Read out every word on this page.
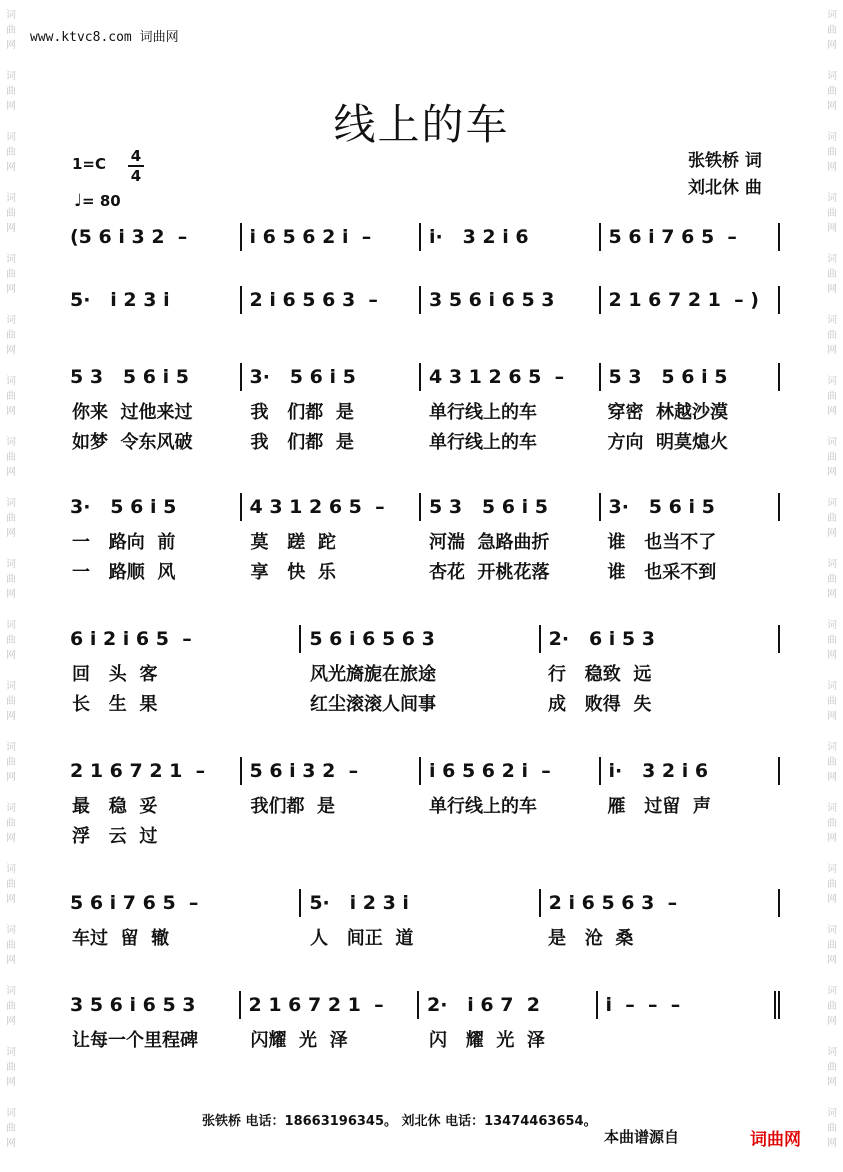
词
曲
网
词
曲
网
词
曲
网
词
曲
网
词
曲
网
词
曲
网
词
曲
网
词
曲
网
词
曲
网
词
曲
网
词
曲
网
词
曲
网
词
曲
网
词
曲
网
词
曲
网
词
曲
网
词
曲
网
词
曲
网
词
曲
网
词
曲
网
词
曲
网
词
曲
网
词
曲
网
词
曲
网
词
曲
网
词
曲
网
词
曲
网
词
曲
网
词
曲
网
词
曲
网
词
曲
网
词
曲
网
词
曲
网
词
曲
网
词
曲
网
词
曲
网
词
曲
网
词
曲
网
www.ktvc8.com 词曲网
线上的车
1=C 4
4
♩= 80
张铁桥 词
刘北休 曲
(5 6 i 3 2  –	i 6 5 6 2 i  –	i·   3 2 i 6	5 6 i 7 6 5  –
5·   i 2 3 i	2 i 6 5 6 3  –	3 5 6 i 6 5 3	2 1 6 7 2 1  – )
5 3   5 6 i 5	3·   5 6 i 5	4 3 1 2 6 5  –	5 3   5 6 i 5
你来  过他来过	我   们都  是	单行线上的车	穿密  林越沙漠
如梦  令东风破	我   们都  是	单行线上的车	方向  明莫熄火
3·   5 6 i 5	4 3 1 2 6 5  –	5 3   5 6 i 5	3·   5 6 i 5
一   路向  前	莫   蹉  跎	河湍  急路曲折	谁   也当不了
一   路顺  风	享   快  乐	杏花  开桃花落	谁   也采不到
6 i 2 i 6 5  –	5 6 i 6 5 6 3	2·   6 i 5 3
回   头  客	风光旖旎在旅途	行   稳致  远
长   生  果	红尘滚滚人间事	成   败得  失
2 1 6 7 2 1  –	5 6 i 3 2  –	i 6 5 6 2 i  –	i·   3 2 i 6
最   稳  妥	我们都  是	单行线上的车	雁   过留  声
浮   云  过
5 6 i 7 6 5  –	5·   i 2 3 i	2 i 6 5 6 3  –
车过  留  辙	人   间正  道	是   沧  桑
3 5 6 i 6 5 3	2 1 6 7 2 1  –	2·   i 6 7  2	i  –  –  –
让每一个里程碑	闪耀  光  泽	闪   耀  光  泽
张铁桥 电话：18663196345。 刘北休 电话：13474463654。
本曲谱源自	词曲网
